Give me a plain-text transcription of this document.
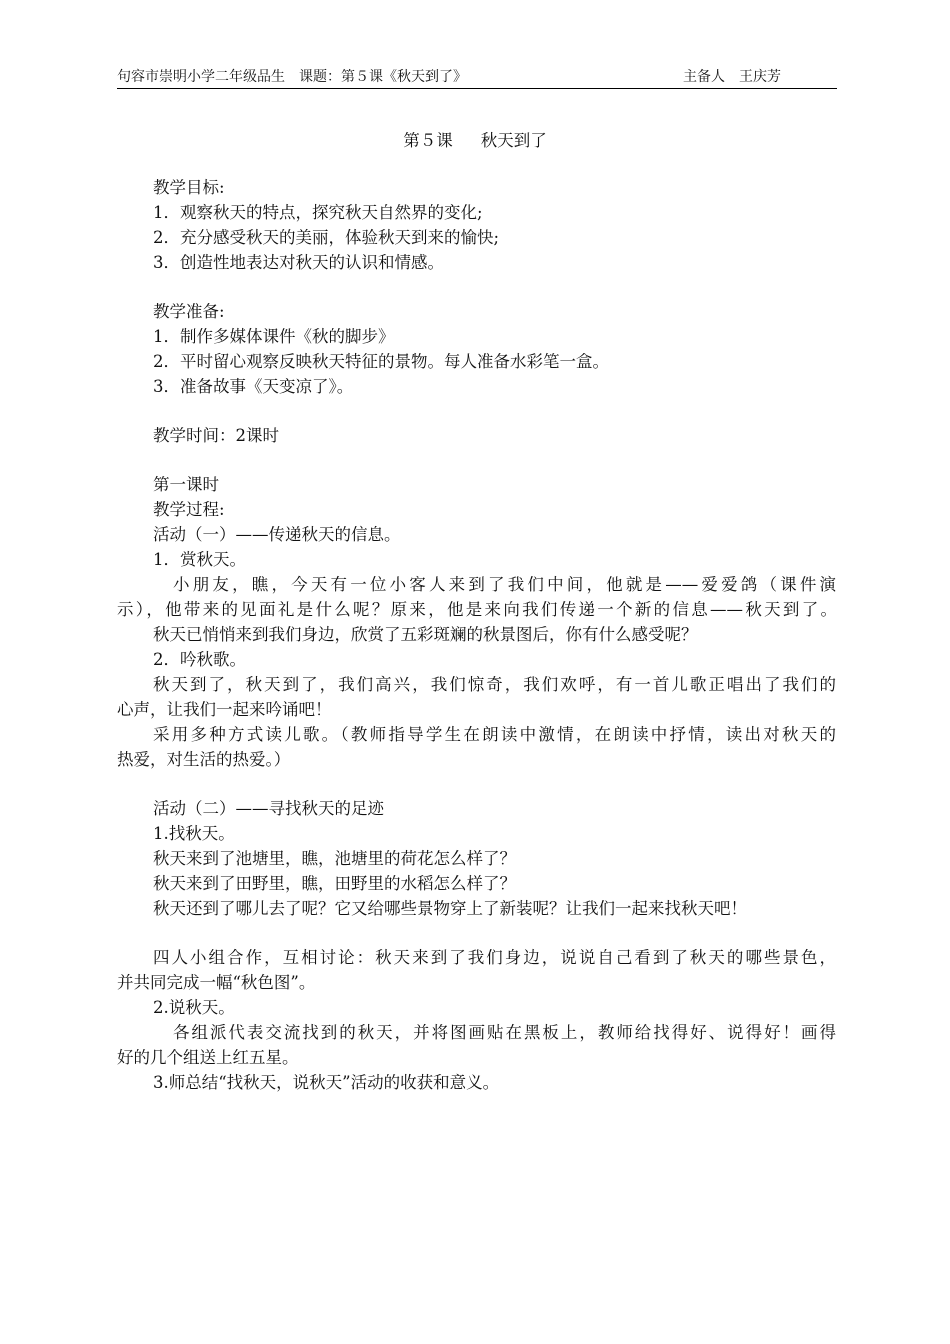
句容市崇明小学二年级品生　课题：第５课《秋天到了》	主备人　王庆芳
第５课 秋天到了
教学目标:
1．观察秋天的特点，探究秋天自然界的变化;
2．充分感受秋天的美丽，体验秋天到来的愉快;
3．创造性地表达对秋天的认识和情感。
教学准备:
1．制作多媒体课件《秋的脚步》
2．平时留心观察反映秋天特征的景物。每人准备水彩笔一盒。
3．准备故事《天变凉了》。
教学时间：2课时
第一课时
教学过程:
活动（一）——传递秋天的信息。
1．赏秋天。
小朋友，瞧，今天有一位小客人来到了我们中间，他就是——爱爱鸽（课件演
示），他带来的见面礼是什么呢？原来，他是来向我们传递一个新的信息——秋天到了。
秋天已悄悄来到我们身边，欣赏了五彩斑斓的秋景图后，你有什么感受呢？
2．吟秋歌。
秋天到了，秋天到了，我们高兴，我们惊奇，我们欢呼，有一首儿歌正唱出了我们的
心声，让我们一起来吟诵吧！
采用多种方式读儿歌。（教师指导学生在朗读中激情，在朗读中抒情，读出对秋天的
热爱，对生活的热爱。）
活动（二）——寻找秋天的足迹
1.找秋天。
秋天来到了池塘里，瞧，池塘里的荷花怎么样了？
秋天来到了田野里，瞧，田野里的水稻怎么样了？
秋天还到了哪儿去了呢？它又给哪些景物穿上了新装呢？让我们一起来找秋天吧！
四人小组合作，互相讨论：秋天来到了我们身边，说说自己看到了秋天的哪些景色，
并共同完成一幅“秋色图”。
2.说秋天。
各组派代表交流找到的秋天，并将图画贴在黑板上，教师给找得好、说得好！画得
好的几个组送上红五星。
3.师总结“找秋天，说秋天”活动的收获和意义。
